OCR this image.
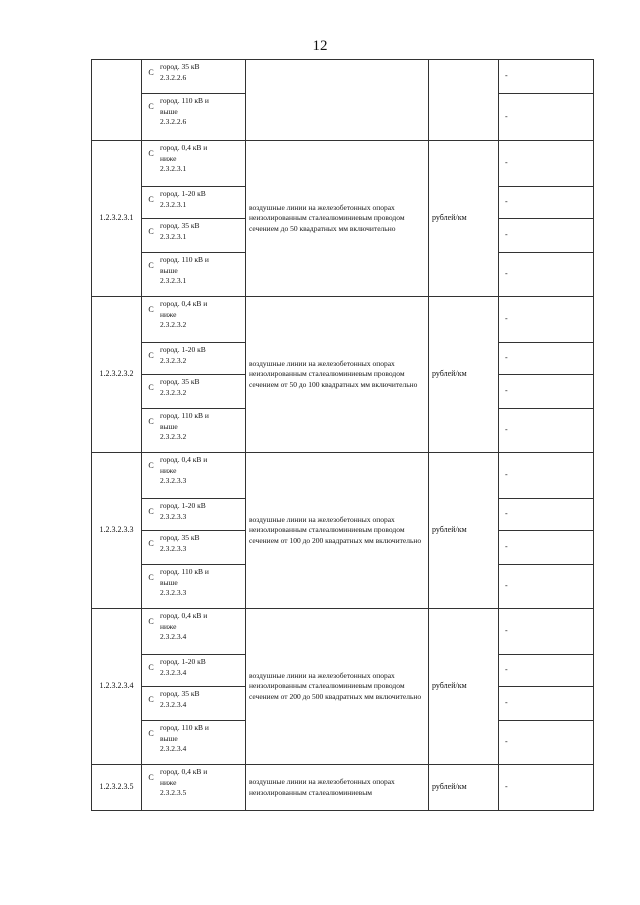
12

	С
город. 35 кВ
2.3.2.2.6			-

	С
город. 110 кВ и
выше
2.3.2.2.6			-
1.2.3.2.3.1	С
город. 0,4 кВ и
ниже
2.3.2.3.1	воздушные линии на железобетонных опорах неизолированным сталеалюминиевым проводом сечением до 50 квадратных мм включительно	рублей/км	-

	С
город. 1-20 кВ
2.3.2.3.1			-

	С
город. 35 кВ
2.3.2.3.1			-

	С
город. 110 кВ и
выше
2.3.2.3.1			-
1.2.3.2.3.2	С
город. 0,4 кВ и
ниже
2.3.2.3.2	воздушные линии на железобетонных опорах неизолированным сталеалюминиевым проводом сечением от 50 до 100 квадратных мм включительно	рублей/км	-

	С
город. 1-20 кВ
2.3.2.3.2			-

	С
город. 35 кВ
2.3.2.3.2			-

	С
город. 110 кВ и
выше
2.3.2.3.2			-
1.2.3.2.3.3	С
город. 0,4 кВ и
ниже
2.3.2.3.3	воздушные линии на железобетонных опорах неизолированным сталеалюминиевым проводом сечением от 100 до 200 квадратных мм включительно	рублей/км	-

	С
город. 1-20 кВ
2.3.2.3.3			-

	С
город. 35 кВ
2.3.2.3.3			-

	С
город. 110 кВ и
выше
2.3.2.3.3			-
1.2.3.2.3.4	С
город. 0,4 кВ и
ниже
2.3.2.3.4	воздушные линии на железобетонных опорах неизолированным сталеалюминиевым проводом сечением от 200 до 500 квадратных мм включительно	рублей/км	-

	С
город. 1-20 кВ
2.3.2.3.4			-

	С
город. 35 кВ
2.3.2.3.4			-

	С
город. 110 кВ и
выше
2.3.2.3.4			-
1.2.3.2.3.5	С
город. 0,4 кВ и
ниже
2.3.2.3.5	воздушные линии на железобетонных опорах неизолированным сталеалюминиевым	рублей/км	-
